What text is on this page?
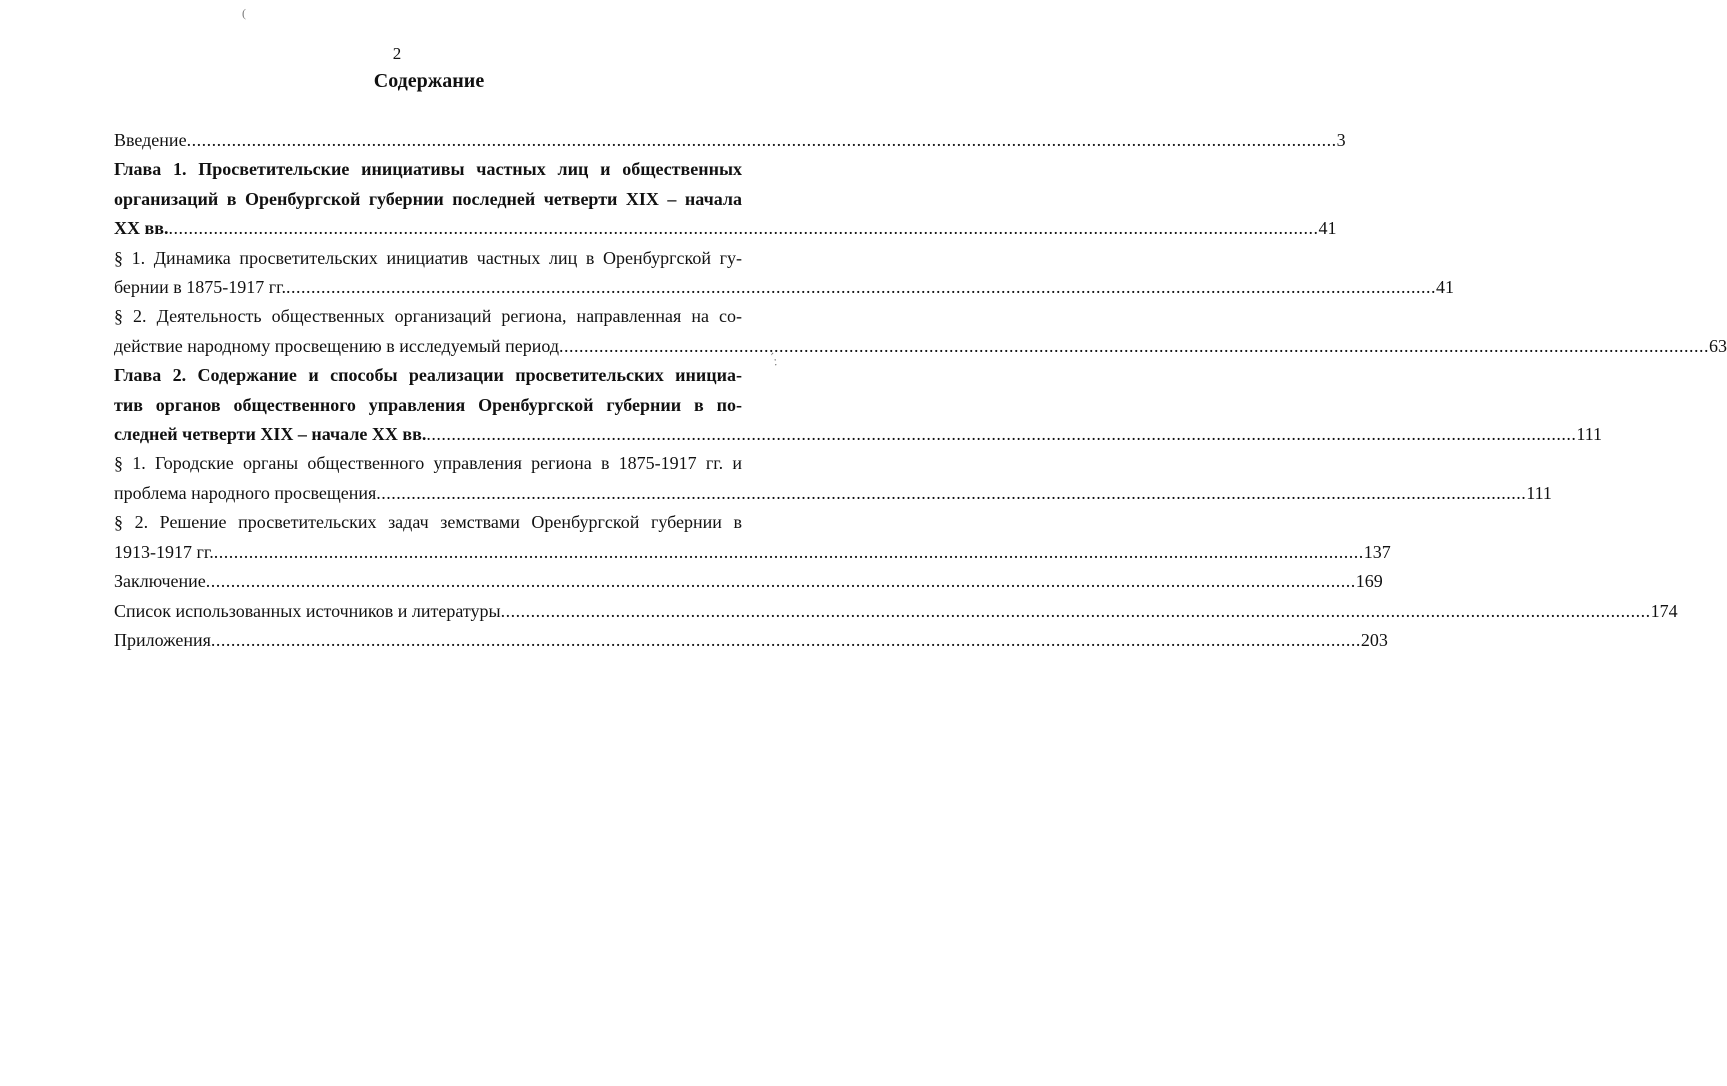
2
Содержание
(
' ·.
Введение .....	3
Глава 1. Просветительские инициативы частных лиц и общественных
организаций в Оренбургской губернии последней четверти XIX – начала
XX вв. .....	41
§ 1. Динамика просветительских инициатив частных лиц в Оренбургской гу-
бернии в 1875-1917 гг. .....	41
§ 2. Деятельность общественных организаций региона, направленная на со-
действие народному просвещению в исследуемый период .....	63
Глава 2. Содержание и способы реализации просветительских инициа-
тив органов общественного управления Оренбургской губернии в по-
следней четверти XIX – начале XX вв. .....	111
§ 1. Городские органы общественного управления региона в 1875-1917 гг. и
проблема народного просвещения .....	111
§ 2. Решение просветительских задач земствами Оренбургской губернии в
1913-1917 гг. .....	137
Заключение .....	169
Список использованных источников и литературы .....	174
Приложения .....	203
